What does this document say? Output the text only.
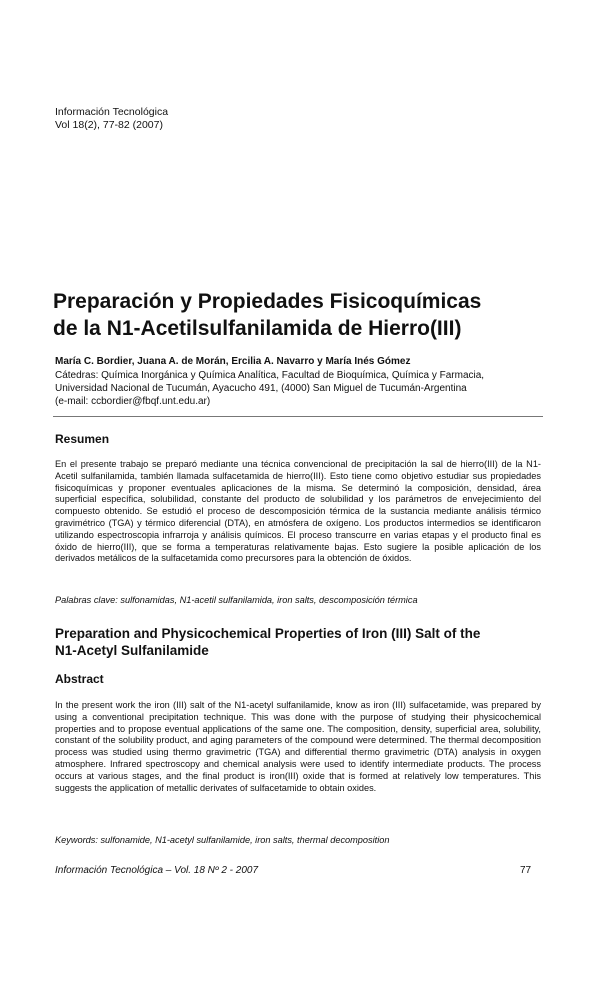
Información Tecnológica
Vol 18(2), 77-82 (2007)
Preparación y Propiedades Fisicoquímicas
de la N1-Acetilsulfanilamida de Hierro(III)
María C. Bordier, Juana A. de Morán, Ercilia A. Navarro y María Inés Gómez
Cátedras: Química Inorgánica y Química Analítica, Facultad de Bioquímica, Química y Farmacia,
Universidad Nacional de Tucumán, Ayacucho 491, (4000) San Miguel de Tucumán-Argentina
(e-mail: ccbordier@fbqf.unt.edu.ar)
Resumen
En el presente trabajo se preparó mediante una técnica convencional de precipitación la sal de hierro(III) de la N1-Acetil sulfanilamida, también llamada sulfacetamida de hierro(III). Esto tiene como objetivo estudiar sus propiedades fisicoquímicas y proponer eventuales aplicaciones de la misma. Se determinó la composición, densidad, área superficial específica, solubilidad, constante del producto de solubilidad y los parámetros de envejecimiento del compuesto obtenido. Se estudió el proceso de descomposición térmica de la sustancia mediante análisis térmico gravimétrico (TGA) y térmico diferencial (DTA), en atmósfera de oxígeno. Los productos intermedios se identificaron utilizando espectroscopia infrarroja y análisis químicos. El proceso transcurre en varias etapas y el producto final es óxido de hierro(III), que se forma a temperaturas relativamente bajas. Esto sugiere la posible aplicación de los derivados metálicos de la sulfacetamida como precursores para la obtención de óxidos.
Palabras clave: sulfonamidas, N1-acetil sulfanilamida, iron salts, descomposición térmica
Preparation and Physicochemical Properties of Iron (III) Salt of the
N1-Acetyl Sulfanilamide
Abstract
In the present work the iron (III) salt of the N1-acetyl sulfanilamide, know as iron (III) sulfacetamide, was prepared by using a conventional precipitation technique. This was done with the purpose of studying their physicochemical properties and to propose eventual applications of the same one. The composition, density, superficial area, solubility, constant of the solubility product, and aging parameters of the compound were determined. The thermal decomposition process was studied using thermo gravimetric (TGA) and differential thermo gravimetric (DTA) analysis in oxygen atmosphere. Infrared spectroscopy and chemical analysis were used to identify intermediate products. The process occurs at various stages, and the final product is iron(III) oxide that is formed at relatively low temperatures. This suggests the application of metallic derivates of sulfacetamide to obtain oxides.
Keywords: sulfonamide, N1-acetyl sulfanilamide, iron salts, thermal decomposition
Información Tecnológica – Vol. 18 Nº 2 - 2007	77
